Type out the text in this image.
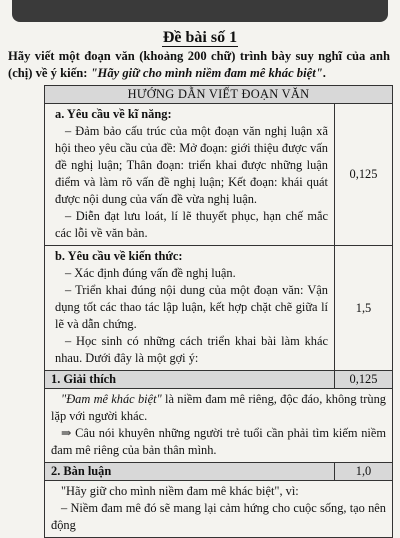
Đề bài số 1
Hãy viết một đoạn văn (khoảng 200 chữ) trình bày suy nghĩ của anh (chị) về ý kiến: "Hãy giữ cho mình niềm đam mê khác biệt".
HƯỚNG DẪN VIẾT ĐOẠN VĂN	

a. Yêu cầu về kĩ năng:

– Đảm bảo cấu trúc của một đoạn văn nghị luận xã hội theo yêu cầu của đề: Mở đoạn: giới thiệu được vấn đề nghị luận; Thân đoạn: triển khai được những luận điểm và làm rõ vấn đề nghị luận; Kết đoạn: khái quát được nội dung của vấn đề vừa nghị luận.

– Diễn đạt lưu loát, lí lẽ thuyết phục, hạn chế mắc các lỗi về văn bản.	0,125

b. Yêu cầu về kiến thức:

– Xác định đúng vấn đề nghị luận.

– Triển khai đúng nội dung của một đoạn văn: Vận dụng tốt các thao tác lập luận, kết hợp chặt chẽ giữa lí lẽ và dẫn chứng.

– Học sinh có những cách triển khai bài làm khác nhau. Dưới đây là một gợi ý:	1,5
1. Giải thích	0,125

"Đam mê khác biệt" là niềm đam mê riêng, độc đáo, không trùng lặp với người khác.

⇒ Câu nói khuyên những người trẻ tuổi cần phải tìm kiếm niềm đam mê riêng của bản thân mình.	

2. Bàn luận	1,0

"Hãy giữ cho mình niềm đam mê khác biệt", vì:

– Niềm đam mê đó sẽ mang lại cảm hứng cho cuộc sống, tạo nên động	
